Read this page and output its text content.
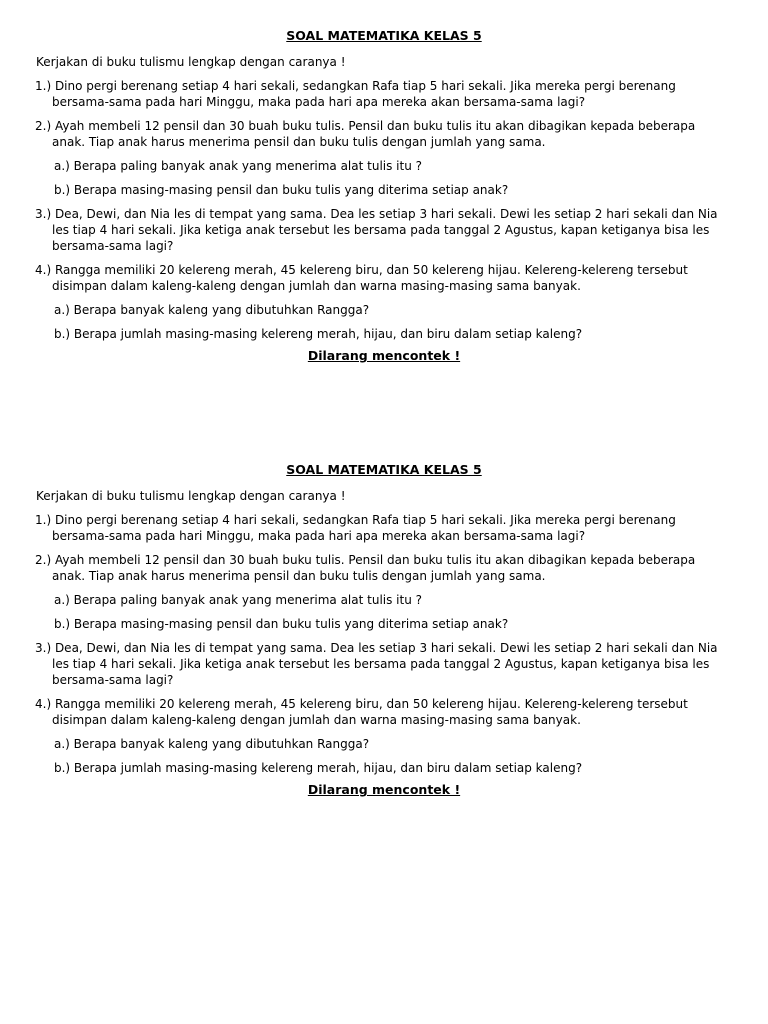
SOAL MATEMATIKA KELAS 5

Kerjakan di buku tulismu lengkap dengan caranya !

1.) Dino pergi berenang setiap 4 hari sekali, sedangkan Rafa tiap 5 hari sekali. Jika mereka pergi berenang bersama-sama pada hari Minggu, maka pada hari apa mereka akan bersama-sama lagi?

2.) Ayah membeli 12 pensil dan 30 buah buku tulis. Pensil dan buku tulis itu akan dibagikan kepada beberapa anak. Tiap anak harus menerima pensil dan buku tulis dengan jumlah yang sama.

a.) Berapa paling banyak anak yang menerima alat tulis itu ?

b.) Berapa masing-masing pensil dan buku tulis yang diterima setiap anak?

3.) Dea, Dewi, dan Nia les di tempat yang sama. Dea les setiap 3 hari sekali. Dewi les setiap 2 hari sekali dan Nia les tiap 4 hari sekali. Jika ketiga anak tersebut les bersama pada tanggal 2 Agustus, kapan ketiganya bisa les bersama-sama lagi?

4.) Rangga memiliki 20 kelereng merah, 45 kelereng biru, dan 50 kelereng hijau. Kelereng-kelereng tersebut disimpan dalam kaleng-kaleng dengan jumlah dan warna masing-masing sama banyak.

a.) Berapa banyak kaleng yang dibutuhkan Rangga?

b.) Berapa jumlah masing-masing kelereng merah, hijau, dan biru dalam setiap kaleng?

Dilarang mencontek !

SOAL MATEMATIKA KELAS 5

Kerjakan di buku tulismu lengkap dengan caranya !

1.) Dino pergi berenang setiap 4 hari sekali, sedangkan Rafa tiap 5 hari sekali. Jika mereka pergi berenang bersama-sama pada hari Minggu, maka pada hari apa mereka akan bersama-sama lagi?

2.) Ayah membeli 12 pensil dan 30 buah buku tulis. Pensil dan buku tulis itu akan dibagikan kepada beberapa anak. Tiap anak harus menerima pensil dan buku tulis dengan jumlah yang sama.

a.) Berapa paling banyak anak yang menerima alat tulis itu ?

b.) Berapa masing-masing pensil dan buku tulis yang diterima setiap anak?

3.) Dea, Dewi, dan Nia les di tempat yang sama. Dea les setiap 3 hari sekali. Dewi les setiap 2 hari sekali dan Nia les tiap 4 hari sekali. Jika ketiga anak tersebut les bersama pada tanggal 2 Agustus, kapan ketiganya bisa les bersama-sama lagi?

4.) Rangga memiliki 20 kelereng merah, 45 kelereng biru, dan 50 kelereng hijau. Kelereng-kelereng tersebut disimpan dalam kaleng-kaleng dengan jumlah dan warna masing-masing sama banyak.

a.) Berapa banyak kaleng yang dibutuhkan Rangga?

b.) Berapa jumlah masing-masing kelereng merah, hijau, dan biru dalam setiap kaleng?

Dilarang mencontek !
